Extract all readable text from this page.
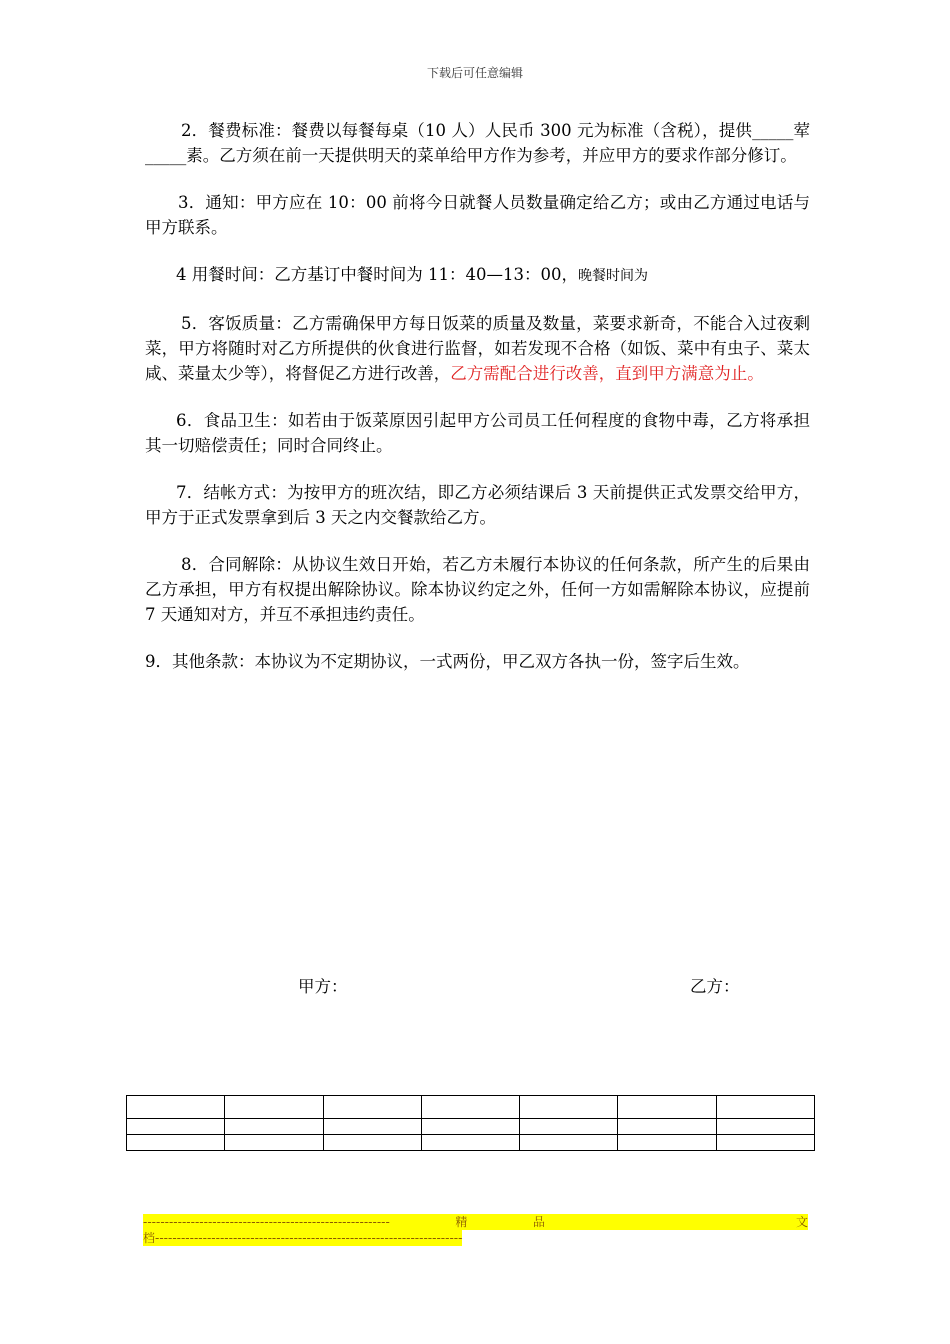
下载后可任意编辑

2．餐费标准：餐费以每餐每桌（10 人）人民币 300 元为标准（含税），提供_____荤_____素。乙方须在前一天提供明天的菜单给甲方作为参考，并应甲方的要求作部分修订。

3．通知：甲方应在 10：00 前将今日就餐人员数量确定给乙方；或由乙方通过电话与甲方联系。

4 用餐时间：乙方基订中餐时间为 11：40—13：00，晚餐时间为

5．客饭质量：乙方需确保甲方每日饭菜的质量及数量，菜要求新奇，不能合入过夜剩菜，甲方将随时对乙方所提供的伙食进行监督，如若发现不合格（如饭、菜中有虫子、菜太咸、菜量太少等），将督促乙方进行改善，乙方需配合进行改善，直到甲方满意为止。

6．食品卫生：如若由于饭菜原因引起甲方公司员工任何程度的食物中毒，乙方将承担其一切赔偿责任；同时合同终止。

7．结帐方式：为按甲方的班次结，即乙方必须结课后 3 天前提供正式发票交给甲方，甲方于正式发票拿到后 3 天之内交餐款给乙方。

8．合同解除：从协议生效日开始，若乙方未履行本协议的任何条款，所产生的后果由乙方承担，甲方有权提出解除协议。除本协议约定之外，任何一方如需解除本协议，应提前 7 天通知对方，并互不承担违约责任。

9．其他条款：本协议为不定期协议，一式两份，甲乙双方各执一份，签字后生效。

甲方：	乙方：

---------------------------------------------------------	精	品	文
档-----------------------------------------------------------------------
